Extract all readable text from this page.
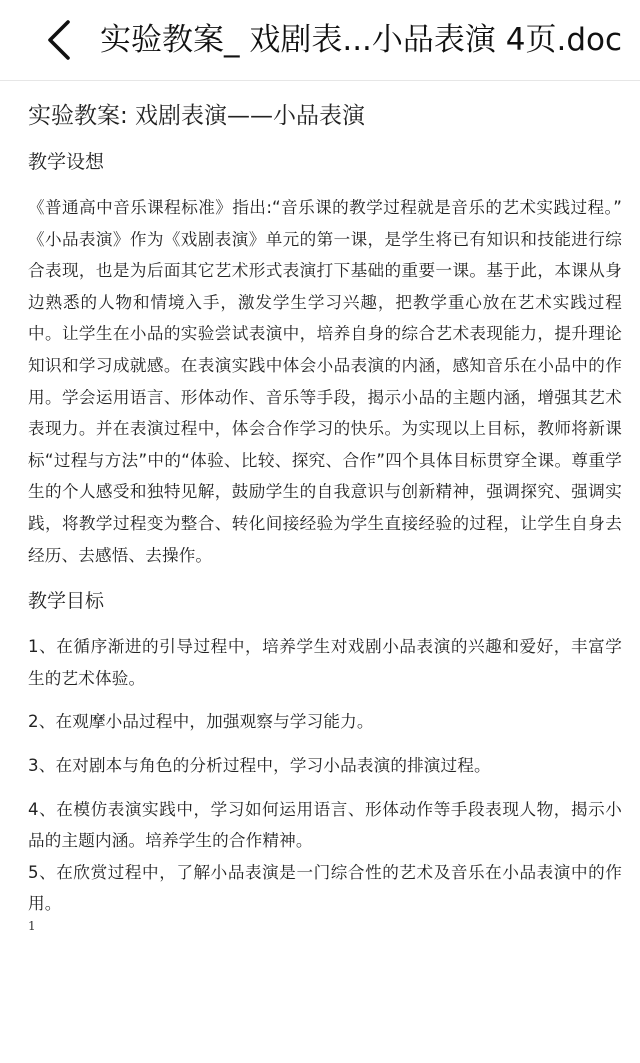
实验教案_ 戏剧表...小品表演 4页.doc
实验教案: 戏剧表演——小品表演
教学设想

《普通高中音乐课程标准》指出:“音乐课的教学过程就是音乐的艺术实践过程。” 《小品表演》作为《戏剧表演》单元的第一课，是学生将已有知识和技能进行综合表现，也是为后面其它艺术形式表演打下基础的重要一课。基于此，本课从身边熟悉的人物和情境入手，激发学生学习兴趣，把教学重心放在艺术实践过程中。让学生在小品的实验尝试表演中，培养自身的综合艺术表现能力，提升理论知识和学习成就感。在表演实践中体会小品表演的内涵，感知音乐在小品中的作用。学会运用语言、形体动作、音乐等手段，揭示小品的主题内涵，增强其艺术表现力。并在表演过程中，体会合作学习的快乐。为实现以上目标，教师将新课标“过程与方法”中的“体验、比较、探究、合作”四个具体目标贯穿全课。尊重学生的个人感受和独特见解，鼓励学生的自我意识与创新精神，强调探究、强调实践，将教学过程变为整合、转化间接经验为学生直接经验的过程，让学生自身去经历、去感悟、去操作。

教学目标

1、在循序渐进的引导过程中，培养学生对戏剧小品表演的兴趣和爱好，丰富学生的艺术体验。

2、在观摩小品过程中，加强观察与学习能力。

3、在对剧本与角色的分析过程中，学习小品表演的排演过程。

4、在模仿表演实践中，学习如何运用语言、形体动作等手段表现人物，揭示小品的主题内涵。培养学生的合作精神。

5、在欣赏过程中，了解小品表演是一门综合性的艺术及音乐在小品表演中的作用。

1
